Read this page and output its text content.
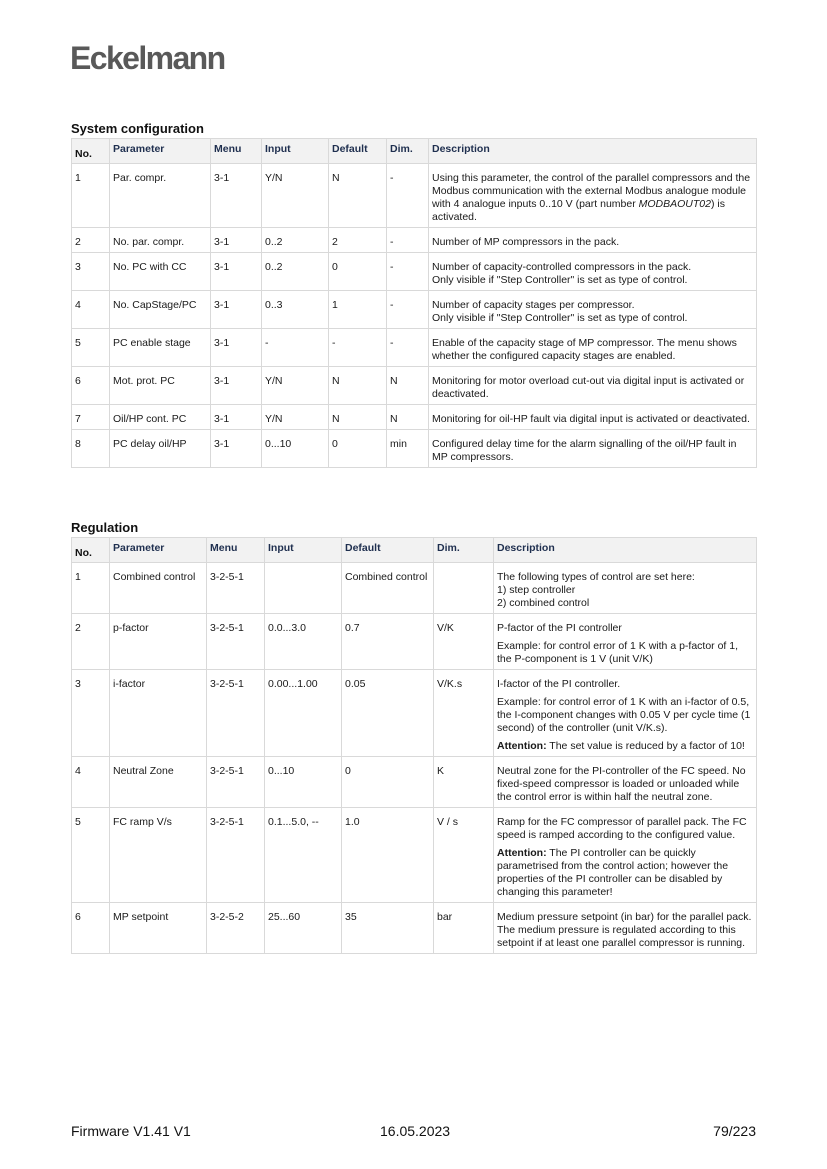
Eckelmann
System configuration
No.	Parameter	Menu	Input	Default	Dim.	Description
1	Par. compr.	3-1	Y/N	N	-	Using this parameter, the control of the parallel compressors and the Modbus communication with the external Modbus analogue module with 4 analogue inputs 0..10 V (part number MODBAOUT02) is activated.

2	No. par. compr.	3-1	0..2	2	-	Number of MP compressors in the pack.

3	No. PC with CC	3-1	0..2	0	-	Number of capacity-controlled compressors in the pack.
Only visible if "Step Controller" is set as type of control.

4	No. CapStage/PC	3-1	0..3	1	-	Number of capacity stages per compressor.
Only visible if "Step Controller" is set as type of control.

5	PC enable stage	3-1	-	-	-	Enable of the capacity stage of MP compressor. The menu shows whether the configured capacity stages are enabled.

6	Mot. prot. PC	3-1	Y/N	N	N	Monitoring for motor overload cut-out via digital input is activated or deactivated.

7	Oil/HP cont. PC	3-1	Y/N	N	N	Monitoring for oil-HP fault via digital input is activated or deactivated.

8	PC delay oil/HP	3-1	0...10	0	min	Configured delay time for the alarm signalling of the oil/HP fault in MP compressors.

Regulation
No.	Parameter	Menu	Input	Default	Dim.	Description
1	Combined control	3-2-5-1		Combined control		The following types of control are set here:
1) step controller
2) combined control

2	p-factor	3-2-5-1	0.0...3.0	0.7	V/K	P-factor of the PI controller

Example: for control error of 1 K with a p-factor of 1, the P-component is 1 V (unit V/K)

3	i-factor	3-2-5-1	0.00...1.00	0.05	V/K.s	I-factor of the PI controller.

Example: for control error of 1 K with an i-factor of 0.5, the I-component changes with 0.05 V per cycle time (1 second) of the controller (unit V/K.s).

Attention: The set value is reduced by a factor of 10!

4	Neutral Zone	3-2-5-1	0...10	0	K	Neutral zone for the PI-controller of the FC speed. No fixed-speed compressor is loaded or unloaded while the control error is within half the neutral zone.

5	FC ramp V/s	3-2-5-1	0.1...5.0, --	1.0	V / s	Ramp for the FC compressor of parallel pack. The FC speed is ramped according to the configured value.

Attention: The PI controller can be quickly parametrised from the control action; however the properties of the PI controller can be disabled by changing this parameter!

6	MP setpoint	3-2-5-2	25...60	35	bar	Medium pressure setpoint (in bar) for the parallel pack. The medium pressure is regulated according to this setpoint if at least one parallel compressor is running.

Firmware V1.41 V1	16.05.2023	79/223
